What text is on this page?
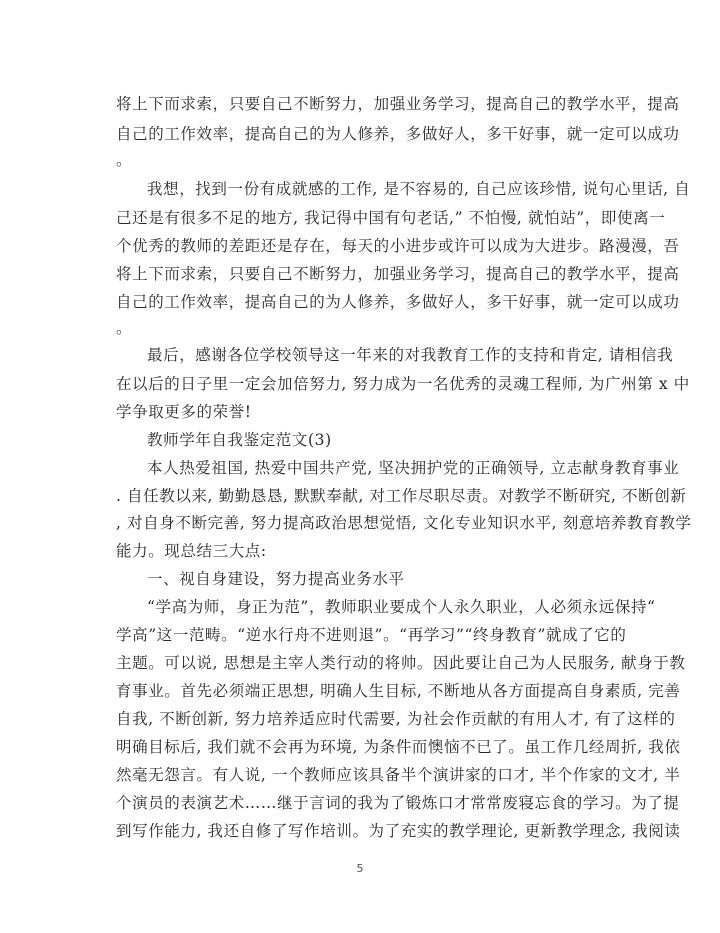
将上下而求索，只要自己不断努力，加强业务学习，提高自己的教学水平，提高
自己的工作效率，提高自己的为人修养，多做好人，多干好事，就一定可以成功
。
我想，找到一份有成就感的工作, 是不容易的, 自己应该珍惜, 说句心里话, 自
己还是有很多不足的地方, 我记得中国有句老话,” 不怕慢, 就怕站”，即使离一
个优秀的教师的差距还是存在，每天的小进步或许可以成为大进步。路漫漫，吾
将上下而求索，只要自己不断努力，加强业务学习，提高自己的教学水平，提高
自己的工作效率，提高自己的为人修养，多做好人，多干好事，就一定可以成功
。
最后，感谢各位学校领导这一年来的对我教育工作的支持和肯定, 请相信我
在以后的日子里一定会加倍努力, 努力成为一名优秀的灵魂工程师, 为广州第 x 中
学争取更多的荣誉!
教师学年自我鉴定范文(3)
本人热爱祖国, 热爱中国共产党, 坚决拥护党的正确领导, 立志献身教育事业
. 自任教以来, 勤勤恳恳, 默默奉献, 对工作尽职尽责。对教学不断研究, 不断创新
, 对自身不断完善, 努力提高政治思想觉悟, 文化专业知识水平, 刻意培养教育教学
能力。现总结三大点:
一、视自身建设，努力提高业务水平
“学高为师，身正为范”，教师职业要成个人永久职业，人必须永远保持“
学高”这一范畴。“逆水行舟不进则退”。“再学习”“终身教育”就成了它的
主题。可以说, 思想是主宰人类行动的将帅。因此要让自己为人民服务, 献身于教
育事业。首先必须端正思想, 明确人生目标, 不断地从各方面提高自身素质, 完善
自我, 不断创新, 努力培养适应时代需要, 为社会作贡献的有用人才, 有了这样的
明确目标后, 我们就不会再为环境, 为条件而懊恼不已了。虽工作几经周折, 我依
然毫无怨言。有人说, 一个教师应该具备半个演讲家的口才, 半个作家的文才, 半
个演员的表演艺术……继于言词的我为了锻炼口才常常废寝忘食的学习。为了提
到写作能力, 我还自修了写作培训。为了充实的教学理论, 更新教学理念, 我阅读
5
